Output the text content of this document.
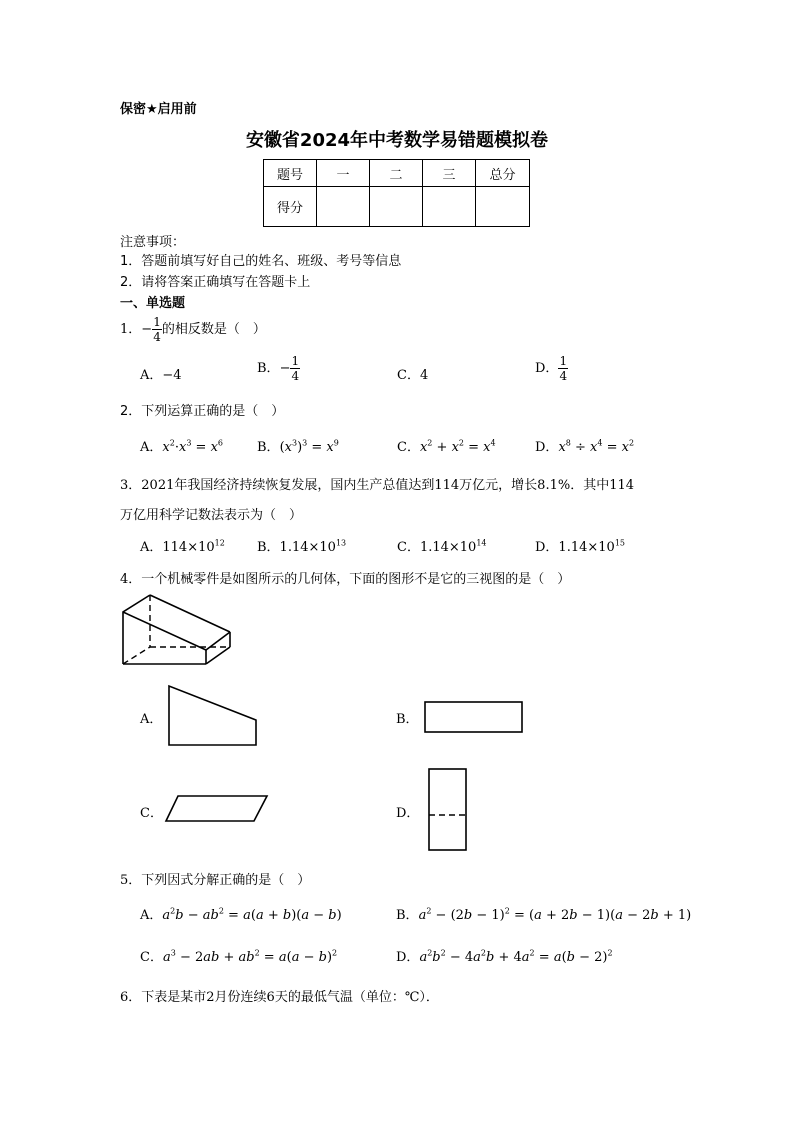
保密★启用前
安徽省2024年中考数学易错题模拟卷
题号	一	二	三	总分
得分				
注意事项：
1．答题前填写好自己的姓名、班级、考号等信息
2．请将答案正确填写在答题卡上
一、单选题
1．− $\frac{1}{4}$ 的相反数是（　）
A．−4	B．− $\frac{1}{4}$	C．4	D． $\frac{1}{4}$
2．下列运算正确的是（　）
A．$x^2\cdot x^3 = x^6$	B．$(x^3)^3 = x^9$	C．$x^2 + x^2 = x^4$	D．$x^8 \div x^4 = x^2$
3．2021年我国经济持续恢复发展，国内生产总值达到114万亿元，增长8.1%．其中114
万亿用科学记数法表示为（　）
A．$114\times 10^{12}$ B．$1.14\times 10^{13}$	C．$1.14\times 10^{14}$	D．$1.14\times 10^{15}$
4．一个机械零件是如图所示的几何体，下面的图形不是它的三视图的是（　）
A．	B．
C．	D．
5．下列因式分解正确的是（　）
A．$a^2b - ab^2 = a(a + b)(a - b)$	B．$a^2 - (2b - 1)^2 = (a + 2b - 1)(a - 2b + 1)$
C．$a^3 - 2ab + ab^2 = a(a - b)^2$	D．$a^2b^2 - 4a^2b + 4a^2 = a(b - 2)^2$
6．下表是某市2月份连续6天的最低气温（单位：℃）．
